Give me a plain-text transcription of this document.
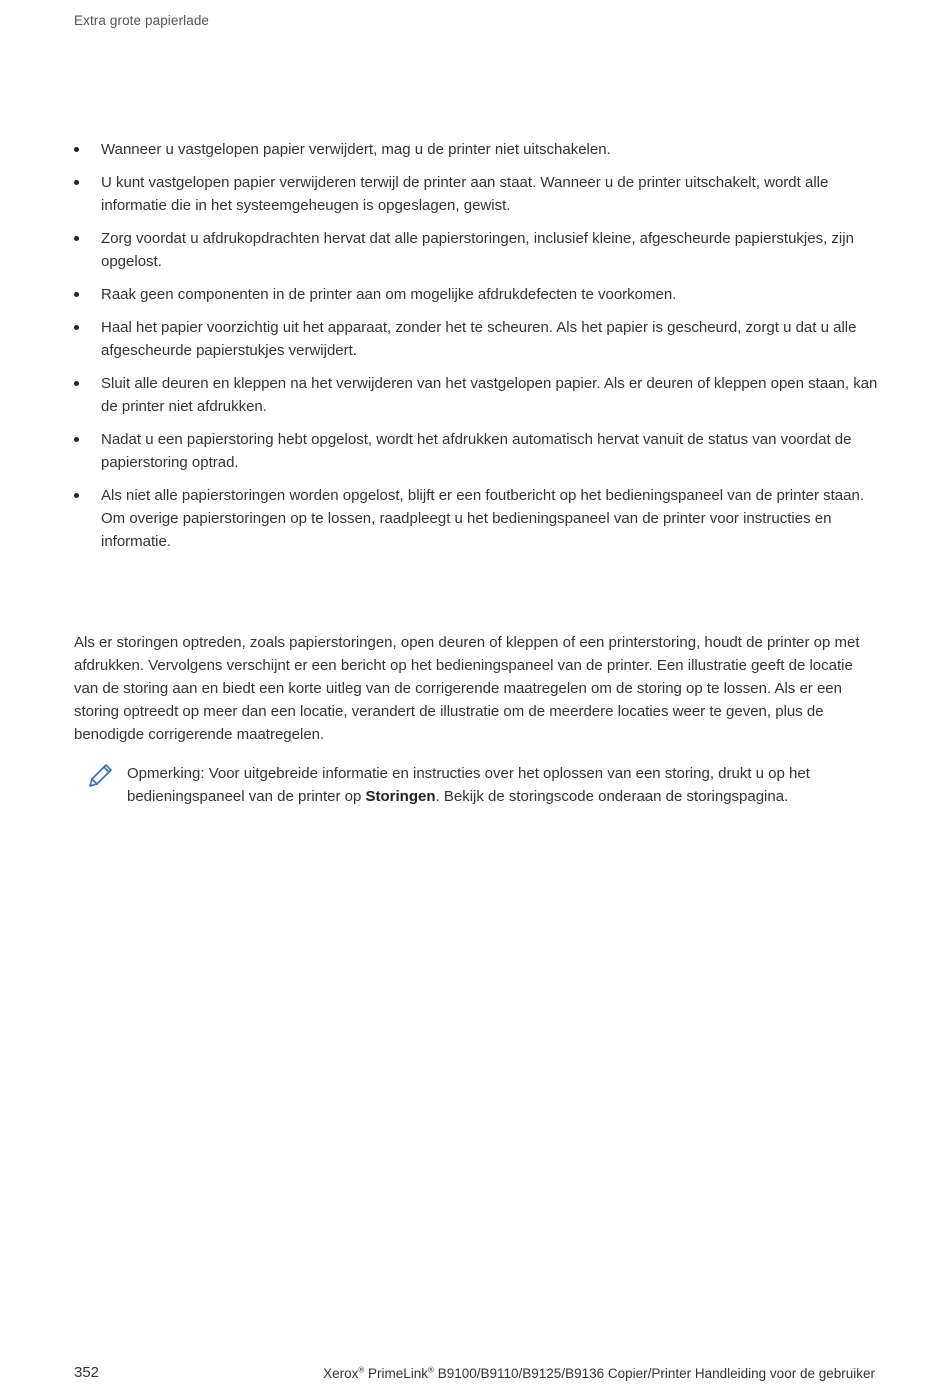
Extra grote papierlade
Wanneer u vastgelopen papier verwijdert, mag u de printer niet uitschakelen.
U kunt vastgelopen papier verwijderen terwijl de printer aan staat. Wanneer u de printer uitschakelt, wordt alle informatie die in het systeemgeheugen is opgeslagen, gewist.
Zorg voordat u afdrukopdrachten hervat dat alle papierstoringen, inclusief kleine, afgescheurde papierstukjes, zijn opgelost.
Raak geen componenten in de printer aan om mogelijke afdrukdefecten te voorkomen.
Haal het papier voorzichtig uit het apparaat, zonder het te scheuren. Als het papier is gescheurd, zorgt u dat u alle afgescheurde papierstukjes verwijdert.
Sluit alle deuren en kleppen na het verwijderen van het vastgelopen papier. Als er deuren of kleppen open staan, kan de printer niet afdrukken.
Nadat u een papierstoring hebt opgelost, wordt het afdrukken automatisch hervat vanuit de status van voordat de papierstoring optrad.
Als niet alle papierstoringen worden opgelost, blijft er een foutbericht op het bedieningspaneel van de printer staan. Om overige papierstoringen op te lossen, raadpleegt u het bedieningspaneel van de printer voor instructies en informatie.

Als er storingen optreden, zoals papierstoringen, open deuren of kleppen of een printerstoring, houdt de printer op met afdrukken. Vervolgens verschijnt er een bericht op het bedieningspaneel van de printer. Een illustratie geeft de locatie van de storing aan en biedt een korte uitleg van de corrigerende maatregelen om de storing op te lossen. Als er een storing optreedt op meer dan een locatie, verandert de illustratie om de meerdere locaties weer te geven, plus de benodigde corrigerende maatregelen.

Opmerking: Voor uitgebreide informatie en instructies over het oplossen van een storing, drukt u op het bedieningspaneel van de printer op Storingen. Bekijk de storingscode onderaan de storingspagina.

352	Xerox® PrimeLink® B9100/B9110/B9125/B9136 Copier/Printer Handleiding voor de gebruiker
